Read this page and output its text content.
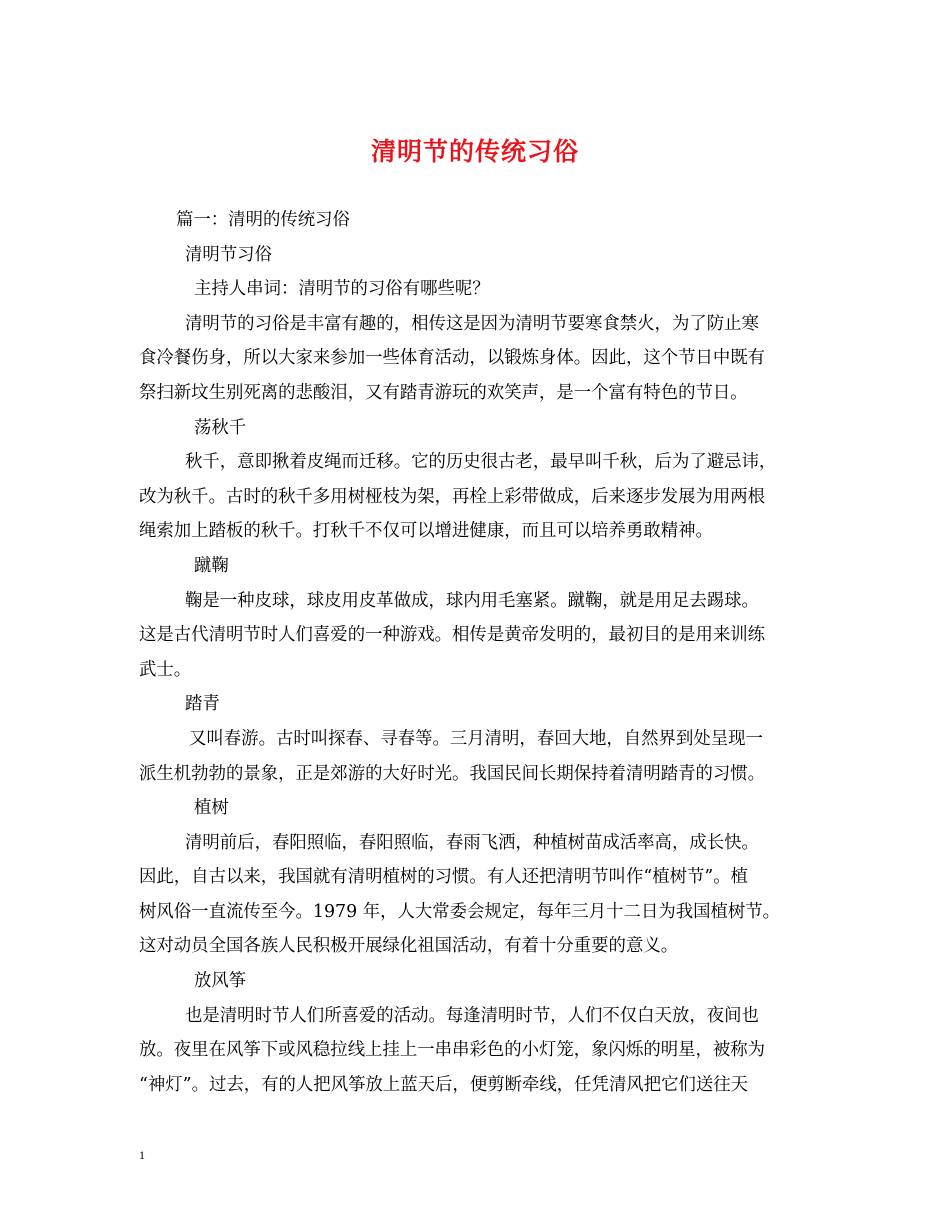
清明节的传统习俗

篇一：清明的传统习俗

清明节习俗

主持人串词：清明节的习俗有哪些呢？

清明节的习俗是丰富有趣的，相传这是因为清明节要寒食禁火，为了防止寒

食冷餐伤身，所以大家来参加一些体育活动，以锻炼身体。因此，这个节日中既有

祭扫新坟生别死离的悲酸泪，又有踏青游玩的欢笑声，是一个富有特色的节日。

荡秋千

秋千，意即揪着皮绳而迁移。它的历史很古老，最早叫千秋，后为了避忌讳，

改为秋千。古时的秋千多用树桠枝为架，再栓上彩带做成，后来逐步发展为用两根

绳索加上踏板的秋千。打秋千不仅可以增进健康，而且可以培养勇敢精神。

蹴鞠

鞠是一种皮球，球皮用皮革做成，球内用毛塞紧。蹴鞠，就是用足去踢球。

这是古代清明节时人们喜爱的一种游戏。相传是黄帝发明的，最初目的是用来训练

武士。

踏青

又叫春游。古时叫探春、寻春等。三月清明，春回大地，自然界到处呈现一

派生机勃勃的景象，正是郊游的大好时光。我国民间长期保持着清明踏青的习惯。

植树

清明前后，春阳照临，春阳照临，春雨飞洒，种植树苗成活率高，成长快。

因此，自古以来，我国就有清明植树的习惯。有人还把清明节叫作“植树节”。植

树风俗一直流传至今。1979 年，人大常委会规定，每年三月十二日为我国植树节。

这对动员全国各族人民积极开展绿化祖国活动，有着十分重要的意义。

放风筝

也是清明时节人们所喜爱的活动。每逢清明时节，人们不仅白天放，夜间也

放。夜里在风筝下或风稳拉线上挂上一串串彩色的小灯笼，象闪烁的明星，被称为

“神灯”。过去，有的人把风筝放上蓝天后，便剪断牵线，任凭清风把它们送往天

1
